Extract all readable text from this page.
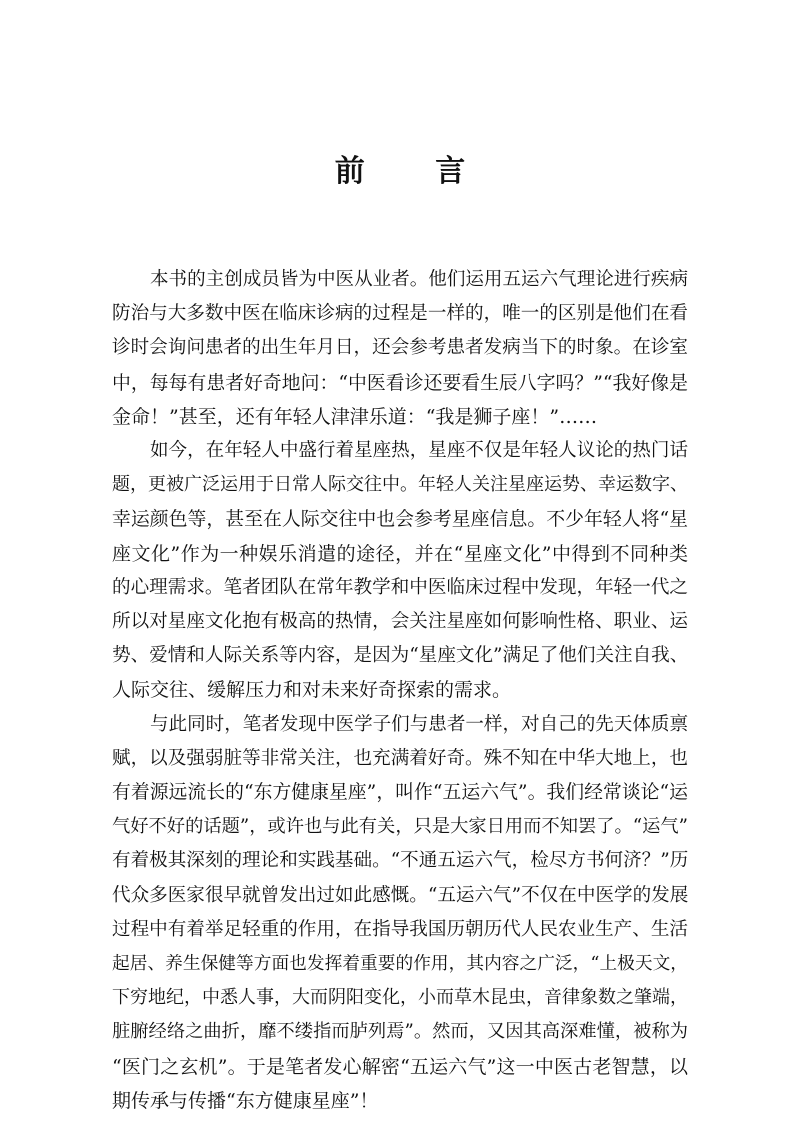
前 言

本书的主创成员皆为中医从业者。他们运用五运六气理论进行疾病
防治与大多数中医在临床诊病的过程是一样的，唯一的区别是他们在看
诊时会询问患者的出生年月日，还会参考患者发病当下的时象。在诊室
中，每每有患者好奇地问：“中医看诊还要看生辰八字吗？”“我好像是
金命！”甚至，还有年轻人津津乐道：“我是狮子座！”……

如今，在年轻人中盛行着星座热，星座不仅是年轻人议论的热门话
题，更被广泛运用于日常人际交往中。年轻人关注星座运势、幸运数字、
幸运颜色等，甚至在人际交往中也会参考星座信息。不少年轻人将“星
座文化”作为一种娱乐消遣的途径，并在“星座文化”中得到不同种类
的心理需求。笔者团队在常年教学和中医临床过程中发现，年轻一代之
所以对星座文化抱有极高的热情，会关注星座如何影响性格、职业、运
势、爱情和人际关系等内容，是因为“星座文化”满足了他们关注自我、
人际交往、缓解压力和对未来好奇探索的需求。

与此同时，笔者发现中医学子们与患者一样，对自己的先天体质禀
赋，以及强弱脏等非常关注，也充满着好奇。殊不知在中华大地上，也
有着源远流长的“东方健康星座”，叫作“五运六气”。我们经常谈论“运
气好不好的话题”，或许也与此有关，只是大家日用而不知罢了。“运气”
有着极其深刻的理论和实践基础。“不通五运六气，检尽方书何济？”历
代众多医家很早就曾发出过如此感慨。“五运六气”不仅在中医学的发展
过程中有着举足轻重的作用，在指导我国历朝历代人民农业生产、生活
起居、养生保健等方面也发挥着重要的作用，其内容之广泛，“上极天文，
下穷地纪，中悉人事，大而阴阳变化，小而草木昆虫，音律象数之肇端，
脏腑经络之曲折，靡不缕指而胪列焉”。然而，又因其高深难懂，被称为
“医门之玄机”。于是笔者发心解密“五运六气”这一中医古老智慧，以
期传承与传播“东方健康星座”！
